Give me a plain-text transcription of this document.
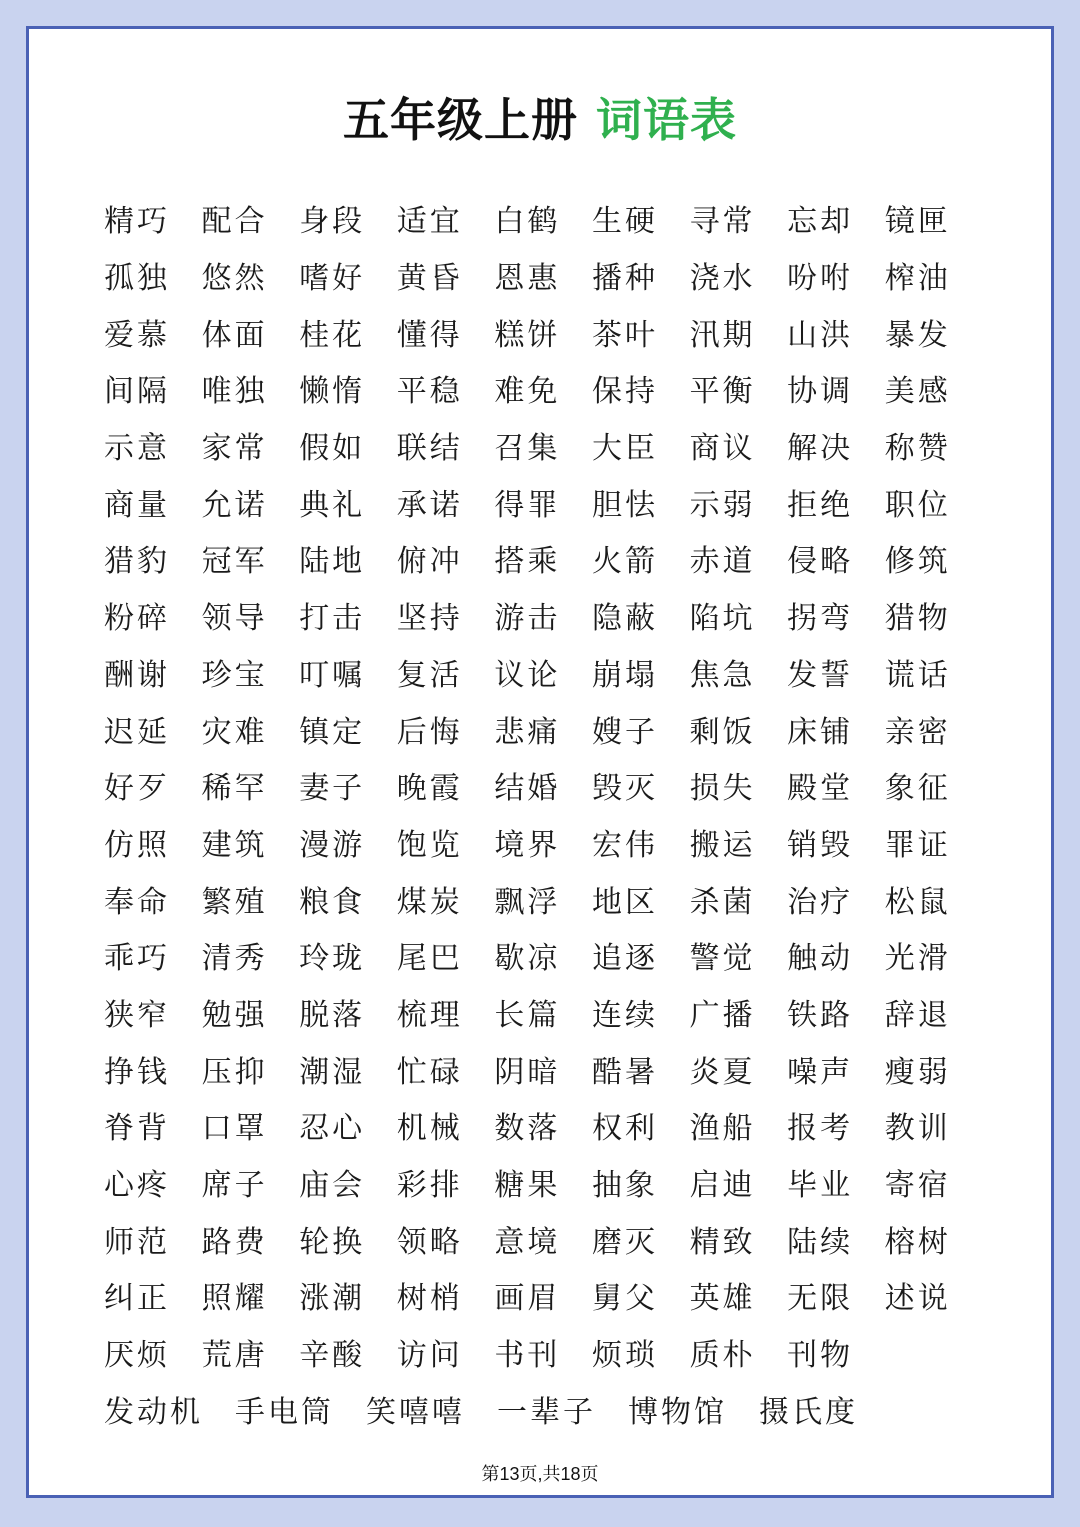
五年级上册 词语表
精巧	配合	身段	适宜	白鹤	生硬	寻常	忘却	镜匣
孤独	悠然	嗜好	黄昏	恩惠	播种	浇水	吩咐	榨油
爱慕	体面	桂花	懂得	糕饼	茶叶	汛期	山洪	暴发
间隔	唯独	懒惰	平稳	难免	保持	平衡	协调	美感
示意	家常	假如	联结	召集	大臣	商议	解决	称赞
商量	允诺	典礼	承诺	得罪	胆怯	示弱	拒绝	职位
猎豹	冠军	陆地	俯冲	搭乘	火箭	赤道	侵略	修筑
粉碎	领导	打击	坚持	游击	隐蔽	陷坑	拐弯	猎物
酬谢	珍宝	叮嘱	复活	议论	崩塌	焦急	发誓	谎话
迟延	灾难	镇定	后悔	悲痛	嫂子	剩饭	床铺	亲密
好歹	稀罕	妻子	晚霞	结婚	毁灭	损失	殿堂	象征
仿照	建筑	漫游	饱览	境界	宏伟	搬运	销毁	罪证
奉命	繁殖	粮食	煤炭	飘浮	地区	杀菌	治疗	松鼠
乖巧	清秀	玲珑	尾巴	歇凉	追逐	警觉	触动	光滑
狭窄	勉强	脱落	梳理	长篇	连续	广播	铁路	辞退
挣钱	压抑	潮湿	忙碌	阴暗	酷暑	炎夏	噪声	瘦弱
脊背	口罩	忍心	机械	数落	权利	渔船	报考	教训
心疼	席子	庙会	彩排	糖果	抽象	启迪	毕业	寄宿
师范	路费	轮换	领略	意境	磨灭	精致	陆续	榕树
纠正	照耀	涨潮	树梢	画眉	舅父	英雄	无限	述说
厌烦	荒唐	辛酸	访问	书刊	烦琐	质朴	刊物
发动机	手电筒	笑嘻嘻	一辈子	博物馆	摄氏度
第13页,共18页
